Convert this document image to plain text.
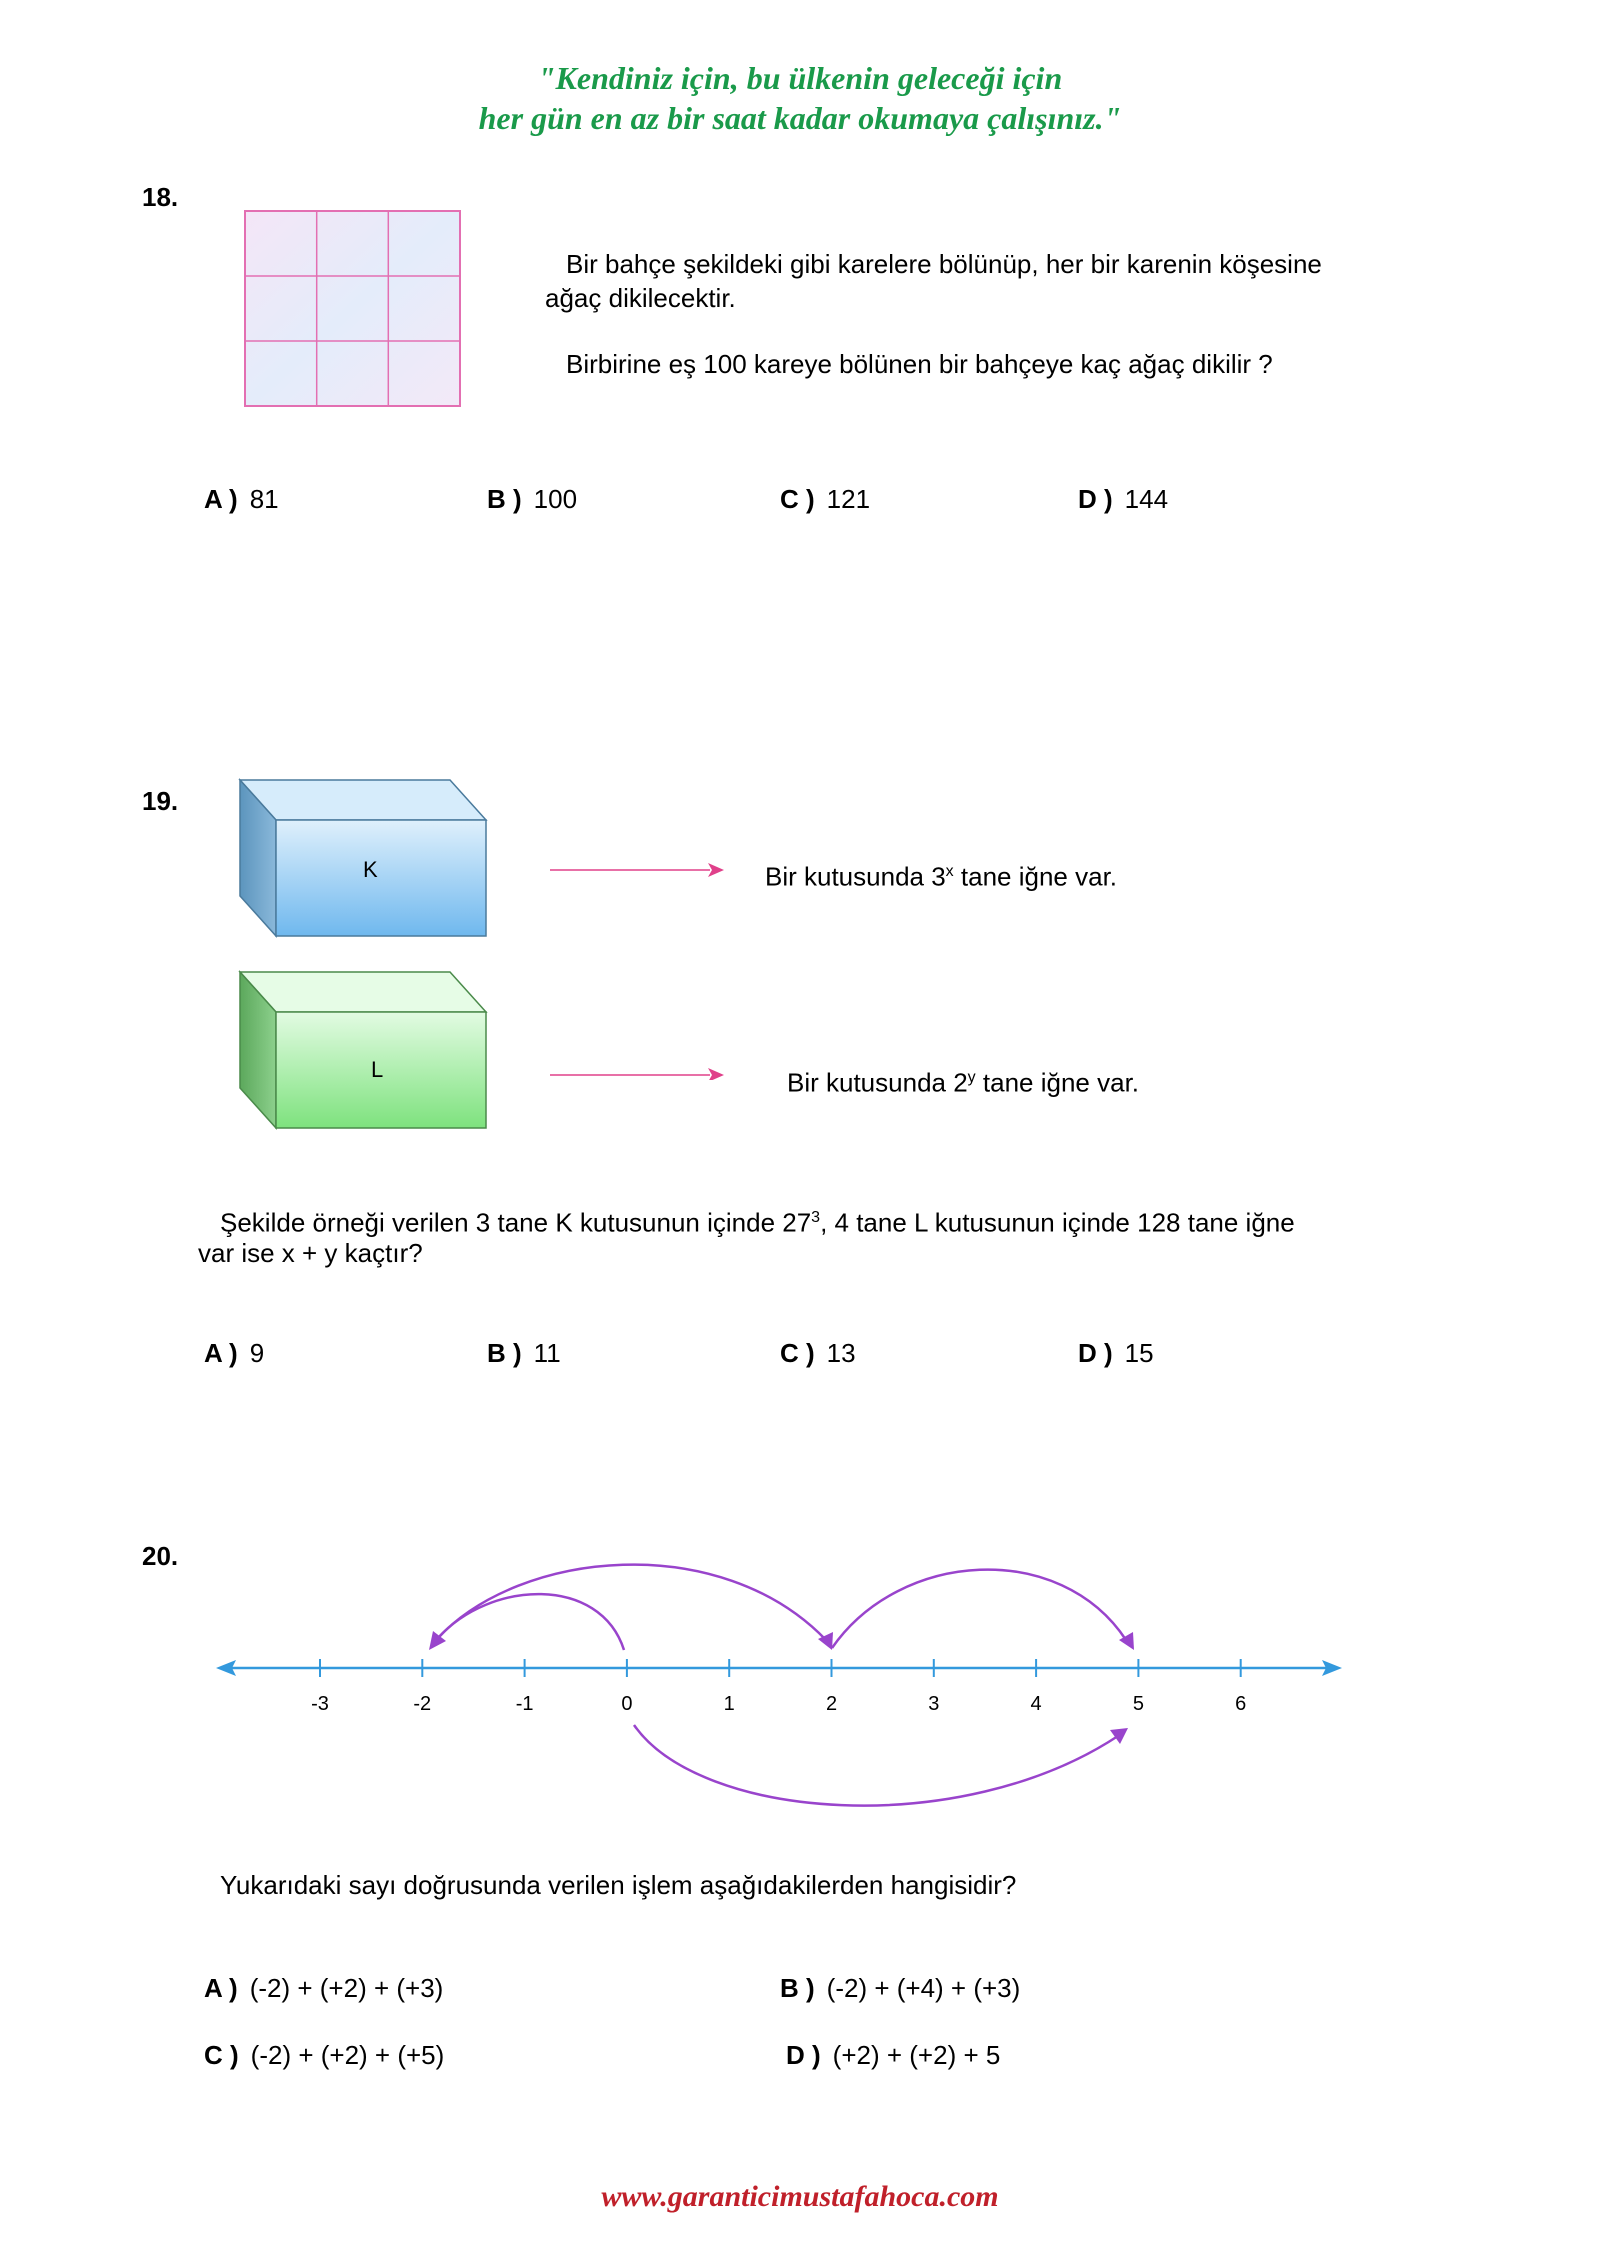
"Kendiniz için, bu ülkenin geleceği için
her gün en az bir saat kadar okumaya çalışınız."
18.
Bir bahçe şekildeki gibi karelere bölünüp, her bir karenin köşesine
ağaç dikilecektir.
Birbirine eş 100 kareye bölünen bir bahçeye kaç ağaç dikilir ?
A ) 81	B ) 100	C ) 121	D ) 144
19.
K
L
Bir kutusunda 3$^x$ tane iğne var.
Bir kutusunda 2$^y$ tane iğne var.
Şekilde örneği verilen 3 tane K kutusunun içinde $27^3$, 4 tane L kutusunun içinde 128 tane iğne
var ise x + y kaçtır?
A ) 9	B ) 11	C ) 13	D ) 15
20.
-3	-2	-1	0	1	2	3	4	5	6
Yukarıdaki sayı doğrusunda verilen işlem aşağıdakilerden hangisidir?
A ) (-2) + (+2) + (+3)	B ) (-2) + (+4) + (+3)
C ) (-2) + (+2) + (+5)	D ) (+2) + (+2) + 5
www.garanticimustafahoca.com
